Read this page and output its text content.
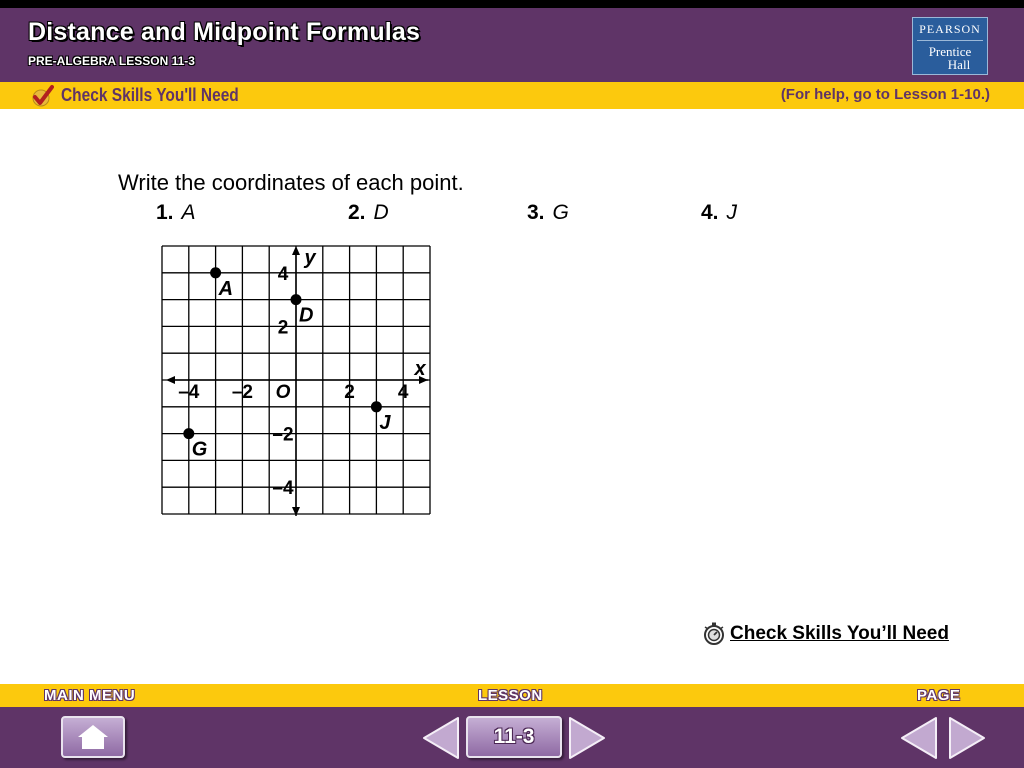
Distance and Midpoint Formulas
PRE-ALGEBRA LESSON 11-3
PEARSON
Prentice
Hall
Check Skills You'll Need	(For help, go to Lesson 1-10.)
Write the coordinates of each point.
1. A	2. D	3. G	4. J
x
y
O
–4 –2	2 4
4
2
–2
–4
A
D
J
G
Check Skills You’ll Need
MAIN MENU	LESSON	PAGE
11-3
